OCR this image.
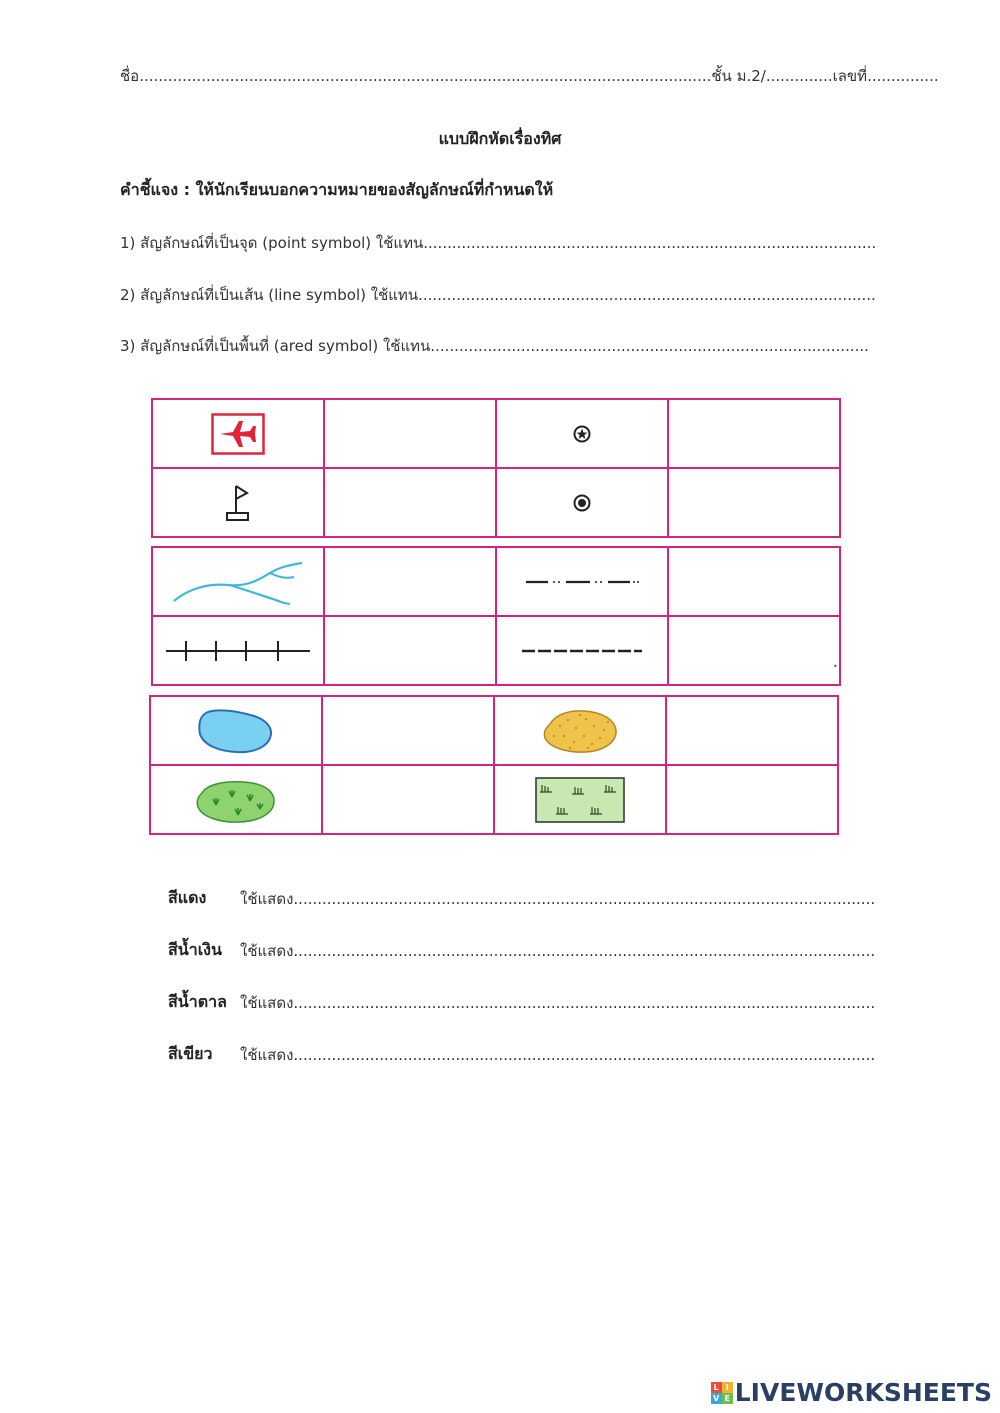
ชื่อ........................................................................................................................ชั้น ม.2/..............เลขที่...............
แบบฝึกหัดเรื่องทิศ
คำชี้แจง : ให้นักเรียนบอกความหมายของสัญลักษณ์ที่กำหนดให้
1) สัญลักษณ์ที่เป็นจุด (point symbol) ใช้แทน...............................................................................................
2) สัญลักษณ์ที่เป็นเส้น (line symbol) ใช้แทน................................................................................................
3) สัญลักษณ์ที่เป็นพื้นที่ (ared symbol) ใช้แทน............................................................................................

•

สีแดง ใช้แสดง..........................................................................................................................
สีน้ำเงิน ใช้แสดง..........................................................................................................................
สีน้ำตาล ใช้แสดง..........................................................................................................................
สีเขียว ใช้แสดง..........................................................................................................................
L I
V E LIVEWORKSHEETS
